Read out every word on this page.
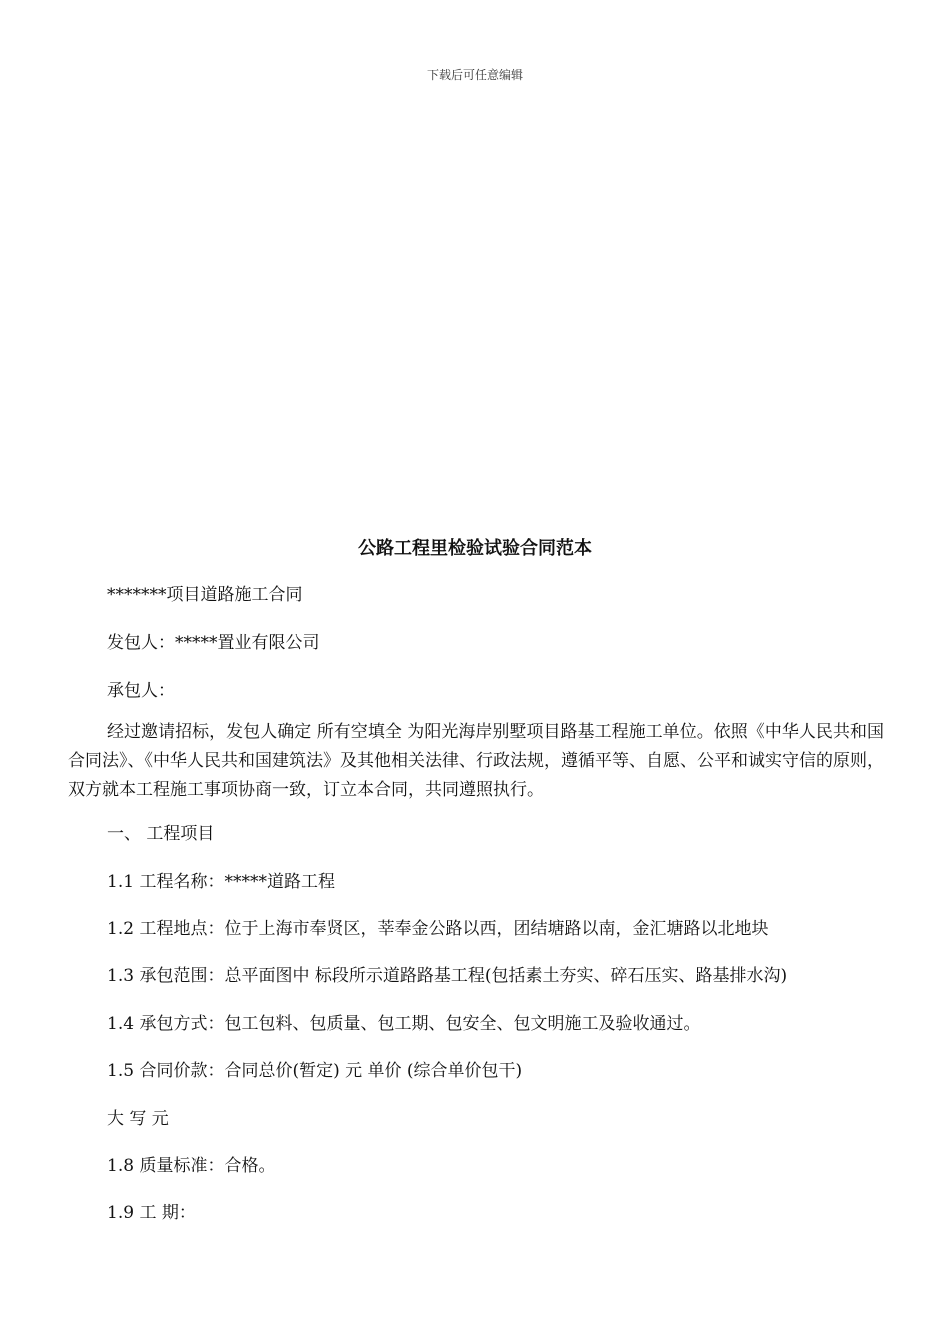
下载后可任意编辑
公路工程里检验试验合同范本
*******项目道路施工合同
发包人：*****置业有限公司
承包人：
经过邀请招标，发包人确定 所有空填全 为阳光海岸别墅项目路基工程施工单位。依照《中华人民共和国合同法》、《中华人民共和国建筑法》及其他相关法律、行政法规，遵循平等、自愿、公平和诚实守信的原则，双方就本工程施工事项协商一致，订立本合同，共同遵照执行。
一、 工程项目
1.1 工程名称：*****道路工程
1.2 工程地点：位于上海市奉贤区，莘奉金公路以西，团结塘路以南，金汇塘路以北地块
1.3 承包范围：总平面图中 标段所示道路路基工程(包括素土夯实、碎石压实、路基排水沟)
1.4 承包方式：包工包料、包质量、包工期、包安全、包文明施工及验收通过。
1.5 合同价款：合同总价(暂定) 元 单价 (综合单价包干)
大 写 元
1.8 质量标准：合格。
1.9 工 期：
